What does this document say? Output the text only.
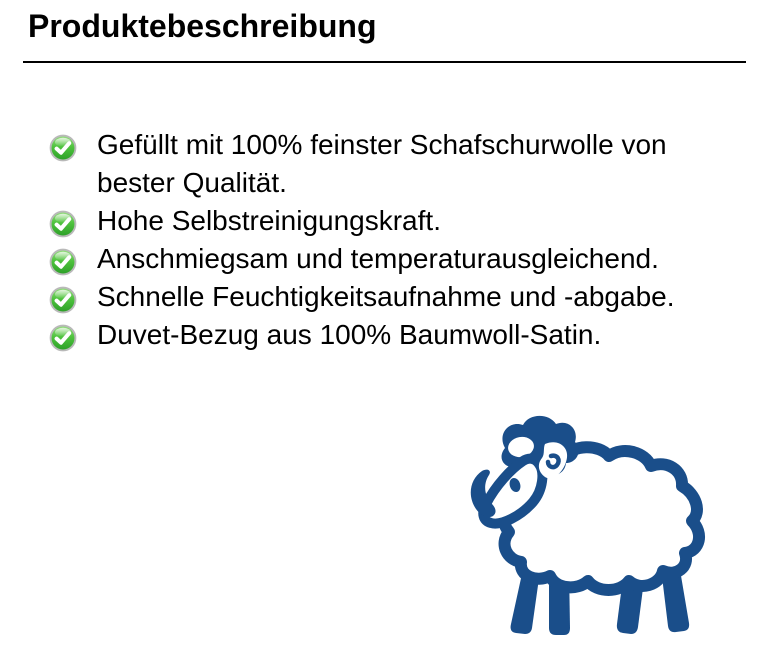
Produktebeschreibung
Gefüllt mit 100% feinster Schafschurwolle von bester Qualität.
Hohe Selbstreinigungskraft.
Anschmiegsam und temperaturausgleichend.
Schnelle Feuchtigkeitsaufnahme und -abgabe.
Duvet-Bezug aus 100% Baumwoll-Satin.
